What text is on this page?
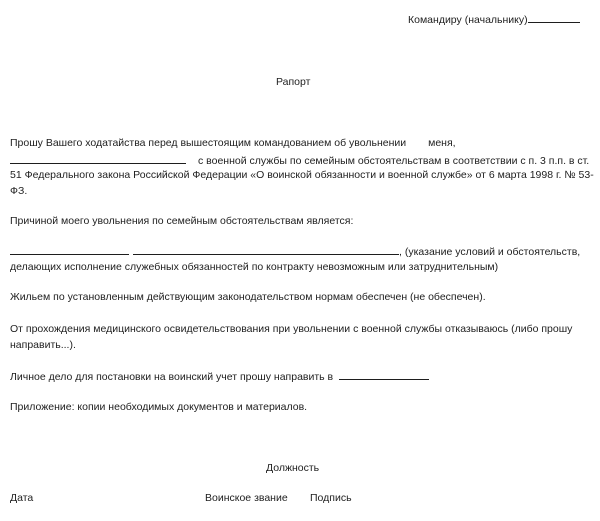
Командиру (начальнику)
Рапорт
Прошу Вашего ходатайства перед вышестоящим командованием об увольнении меня,
с военной службы по семейным обстоятельствам в соответствии с п. 3 п.п. в ст.
51 Федерального закона Российской Федерации «О воинской обязанности и военной службе» от 6 марта 1998 г. № 53-
ФЗ.
Причиной моего увольнения по семейным обстоятельствам является:
, (указание условий и обстоятельств,
делающих исполнение служебных обязанностей по контракту невозможным или затруднительным)
Жильем по установленным действующим законодательством нормам обеспечен (не обеспечен).
От прохождения медицинского освидетельствования при увольнении с военной службы отказываюсь (либо прошу
направить...).
Личное дело для постановки на воинский учет прошу направить в
Приложение: копии необходимых документов и материалов.
Должность
Дата	Воинское звание Подпись
